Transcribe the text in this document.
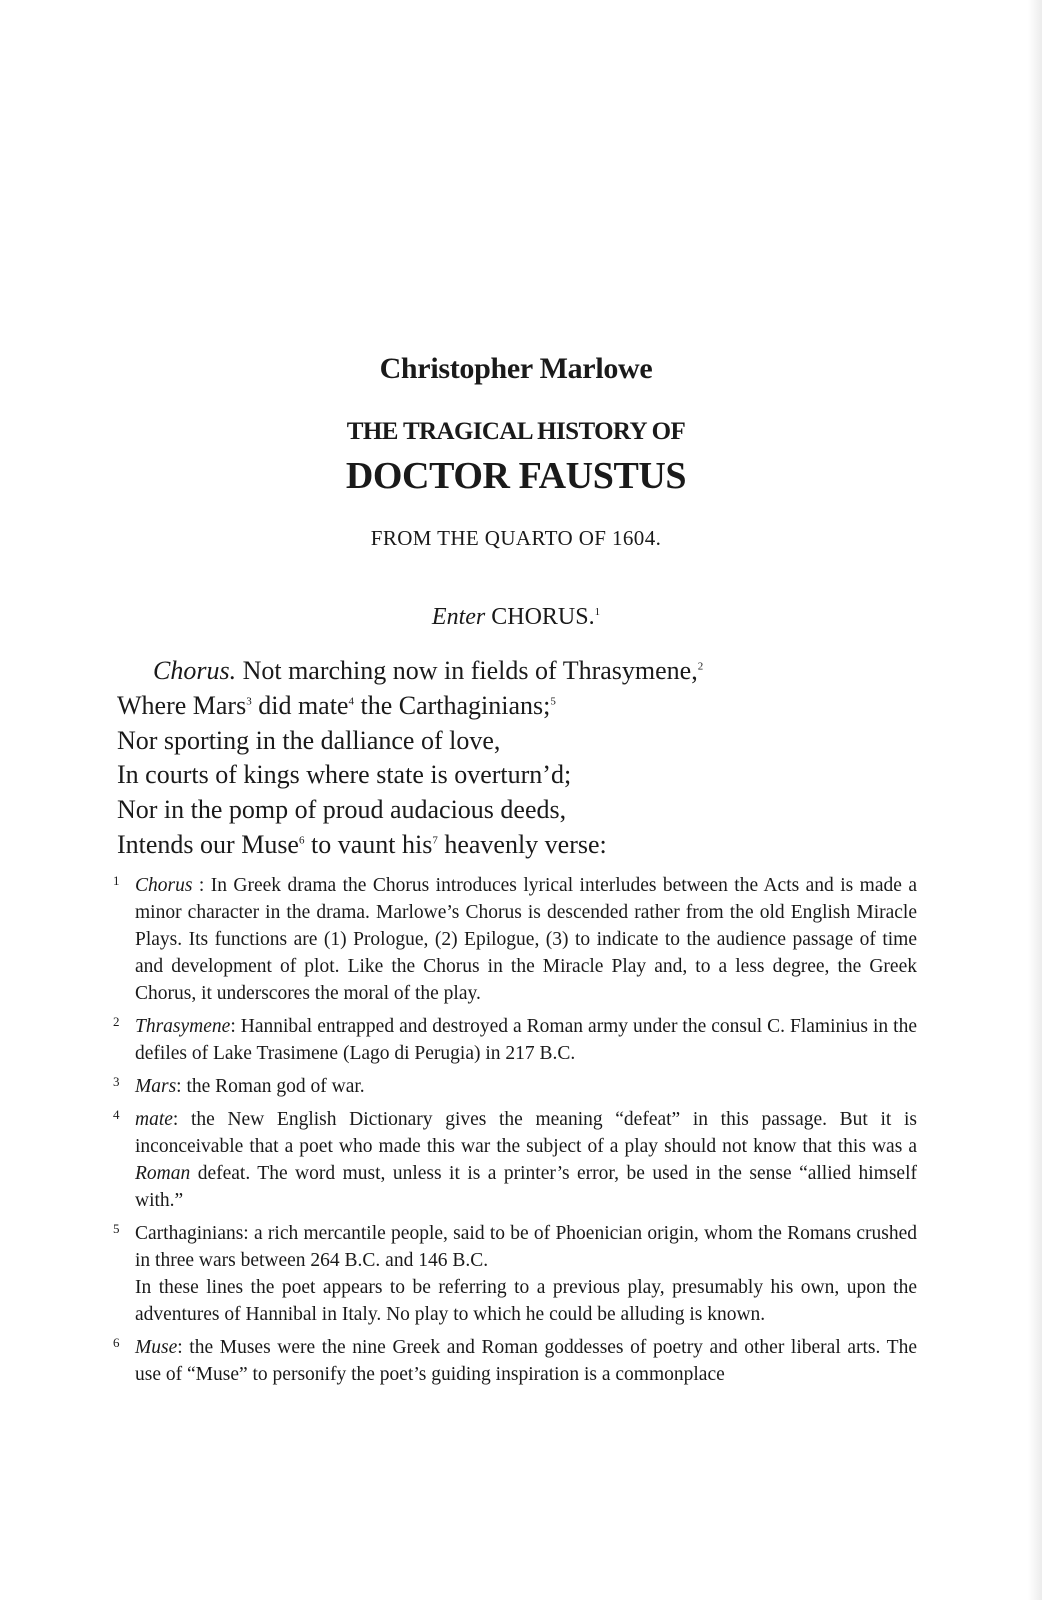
Christopher Marlowe
THE TRAGICAL HISTORY OF
DOCTOR FAUSTUS
FROM THE QUARTO OF 1604.
Enter CHORUS.$^1$
Chorus. Not marching now in fields of Thrasymene,$^2$
Where Mars$^3$ did mate$^4$ the Carthaginians;$^5$
Nor sporting in the dalliance of love,
In courts of kings where state is overturn’d;
Nor in the pomp of proud audacious deeds,
Intends our Muse$^6$ to vaunt his$^7$ heavenly verse:
1 Chorus : In Greek drama the Chorus introduces lyrical interludes between the Acts and is made a minor character in the drama. Marlowe’s Chorus is descended rather from the old English Miracle Plays. Its functions are (1) Prologue, (2) Epilogue, (3) to indicate to the audience passage of time and development of plot. Like the Chorus in the Miracle Play and, to a less degree, the Greek Chorus, it underscores the moral of the play.
2 Thrasymene: Hannibal entrapped and destroyed a Roman army under the consul C. Flaminius in the defiles of Lake Trasimene (Lago di Perugia) in 217 B.C.
3 Mars: the Roman god of war.
4 mate: the New English Dictionary gives the meaning “defeat” in this passage. But it is inconceivable that a poet who made this war the subject of a play should not know that this was a Roman defeat. The word must, unless it is a printer’s error, be used in the sense “allied himself with.”
5 Carthaginians: a rich mercantile people, said to be of Phoenician origin, whom the Romans crushed in three wars between 264 B.C. and 146 B.C.
In these lines the poet appears to be referring to a previous play, presumably his own, upon the adventures of Hannibal in Italy. No play to which he could be alluding is known.
6 Muse: the Muses were the nine Greek and Roman goddesses of poetry and other liberal arts. The use of “Muse” to personify the poet’s guiding inspiration is a commonplace
